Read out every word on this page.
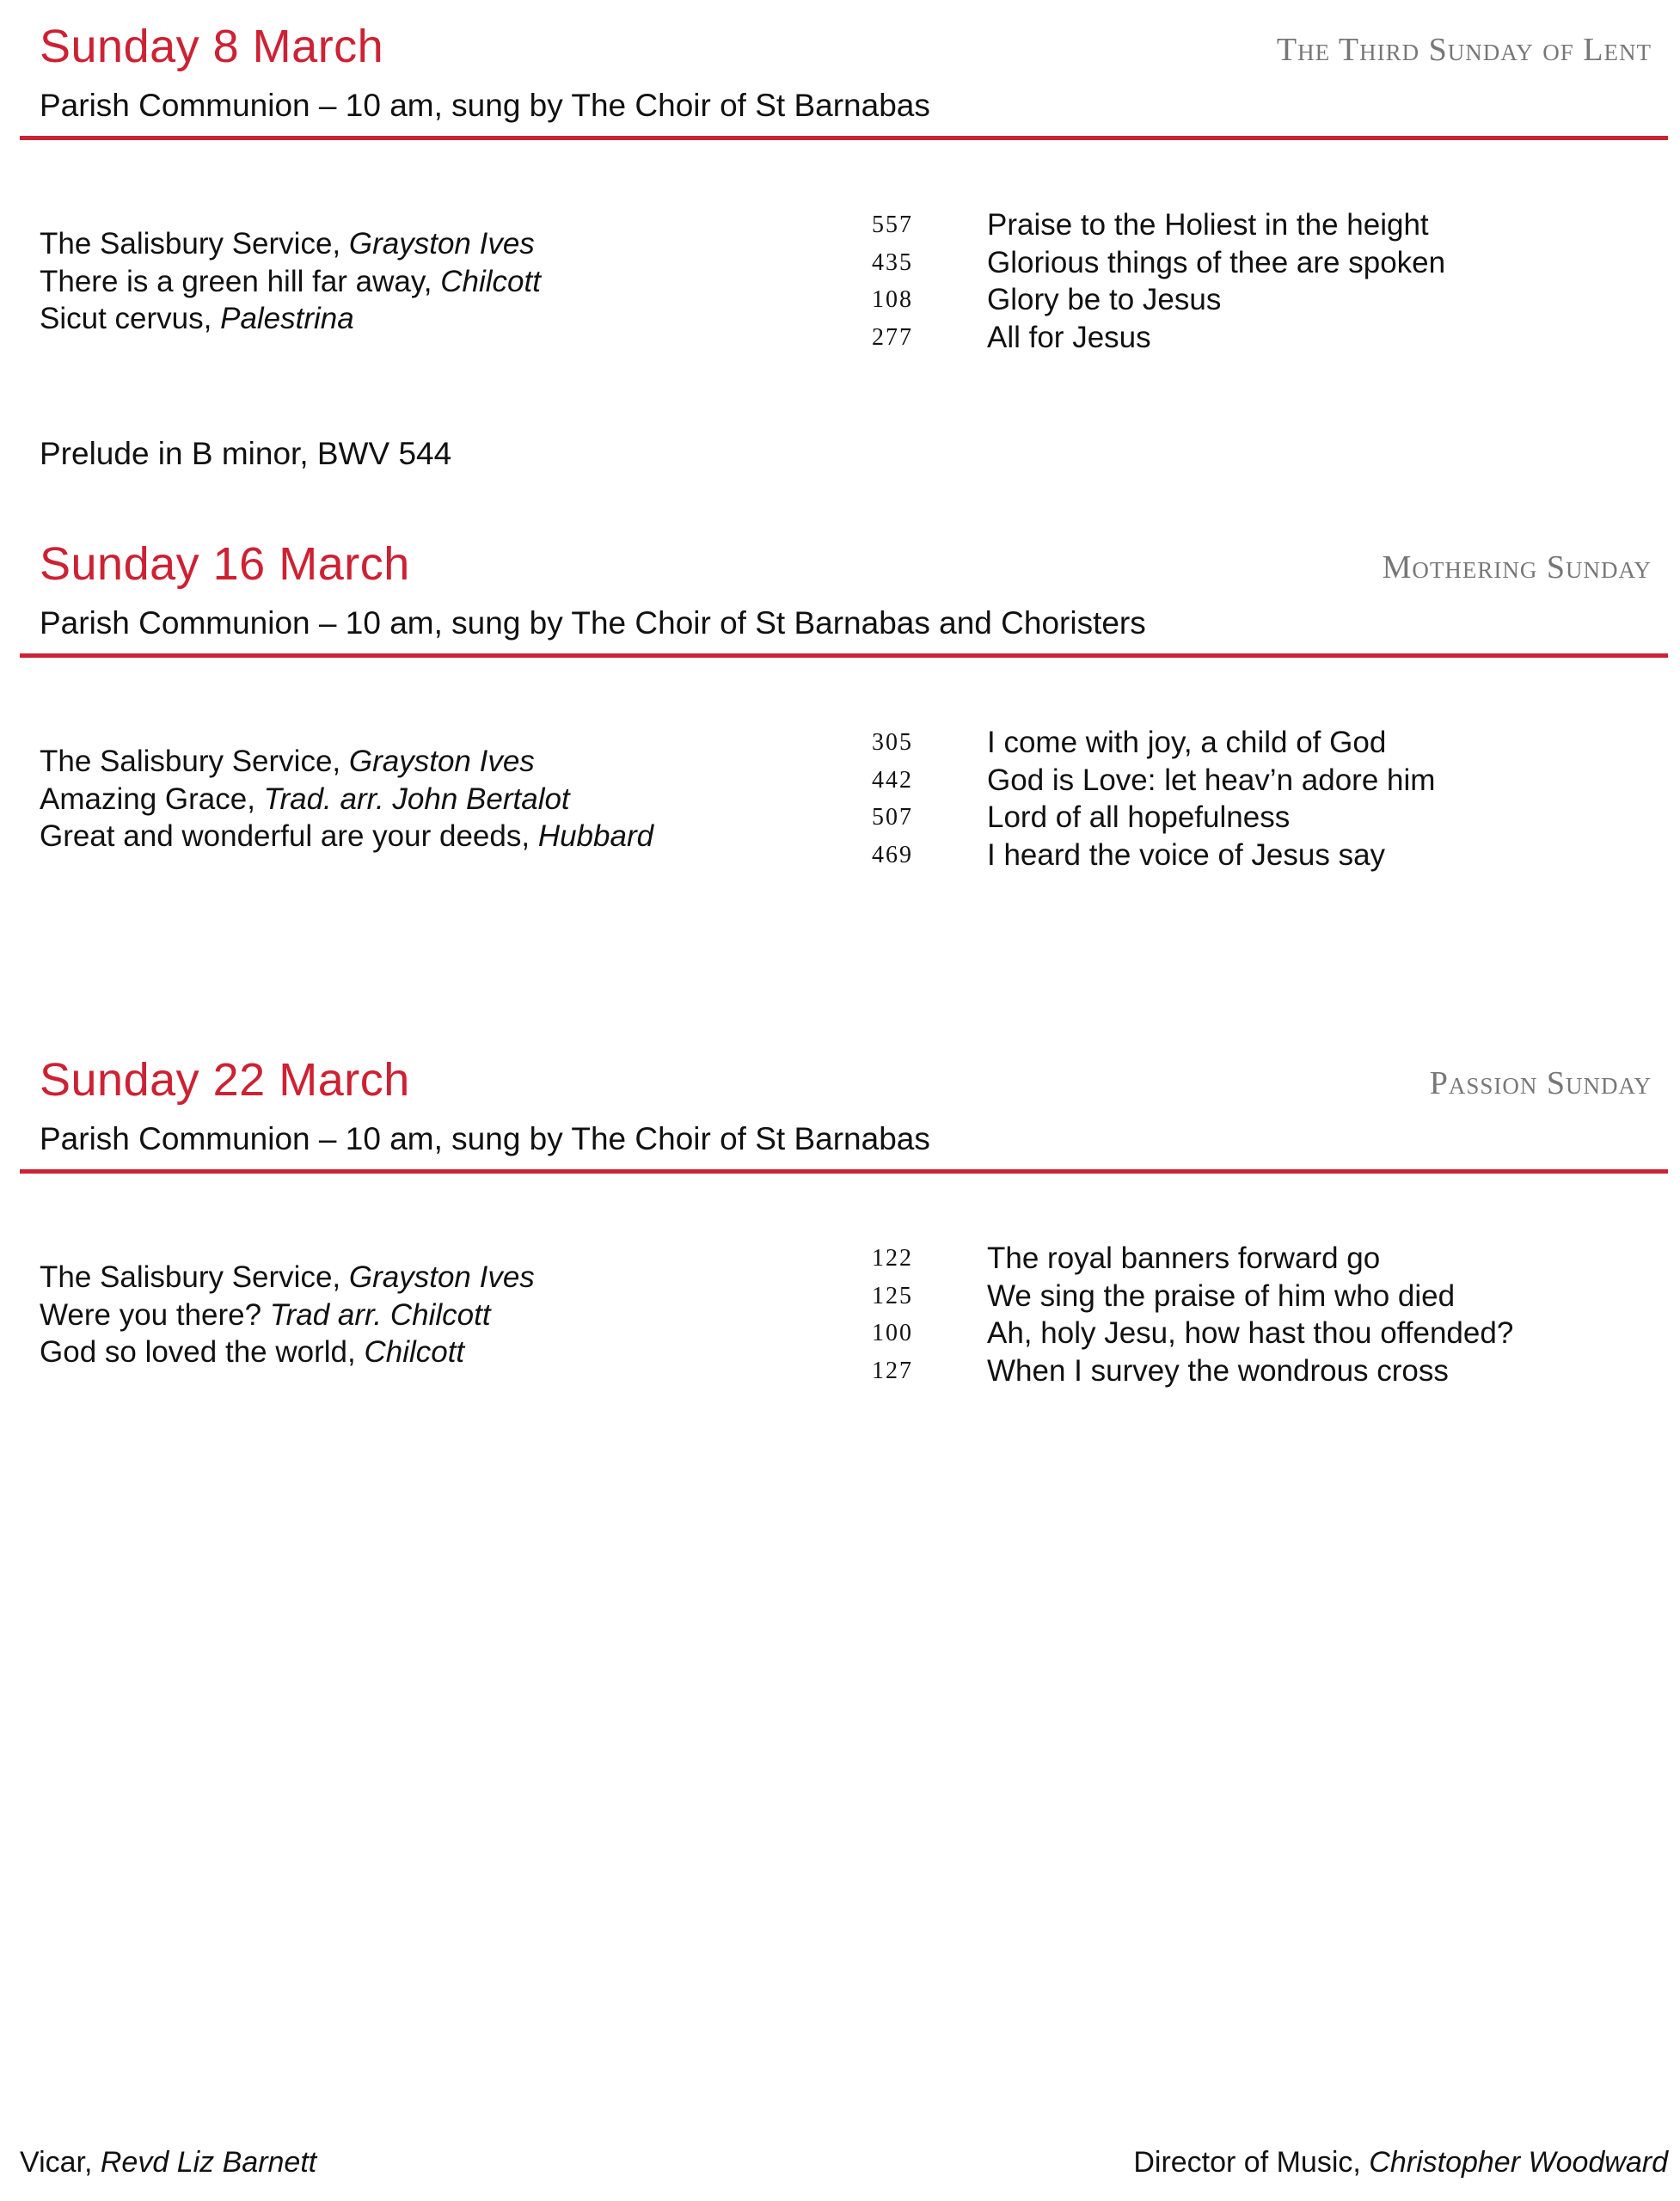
Sunday 8 March	The Third Sunday of Lent
Parish Communion – 10 am, sung by The Choir of St Barnabas
The Salisbury Service, Grayston Ives
There is a green hill far away, Chilcott
Sicut cervus, Palestrina
557 Praise to the Holiest in the height
435 Glorious things of thee are spoken
108 Glory be to Jesus
277 All for Jesus
Prelude in B minor, BWV 544
Sunday 16 March	Mothering Sunday
Parish Communion – 10 am, sung by The Choir of St Barnabas and Choristers
The Salisbury Service, Grayston Ives
Amazing Grace, Trad. arr. John Bertalot
Great and wonderful are your deeds, Hubbard
305 I come with joy, a child of God
442 God is Love: let heav’n adore him
507 Lord of all hopefulness
469 I heard the voice of Jesus say
Sunday 22 March	Passion Sunday
Parish Communion – 10 am, sung by The Choir of St Barnabas
The Salisbury Service, Grayston Ives
Were you there? Trad arr. Chilcott
God so loved the world, Chilcott
122 The royal banners forward go
125 We sing the praise of him who died
100 Ah, holy Jesu, how hast thou offended?
127 When I survey the wondrous cross
Vicar, Revd Liz Barnett	Director of Music, Christopher Woodward
